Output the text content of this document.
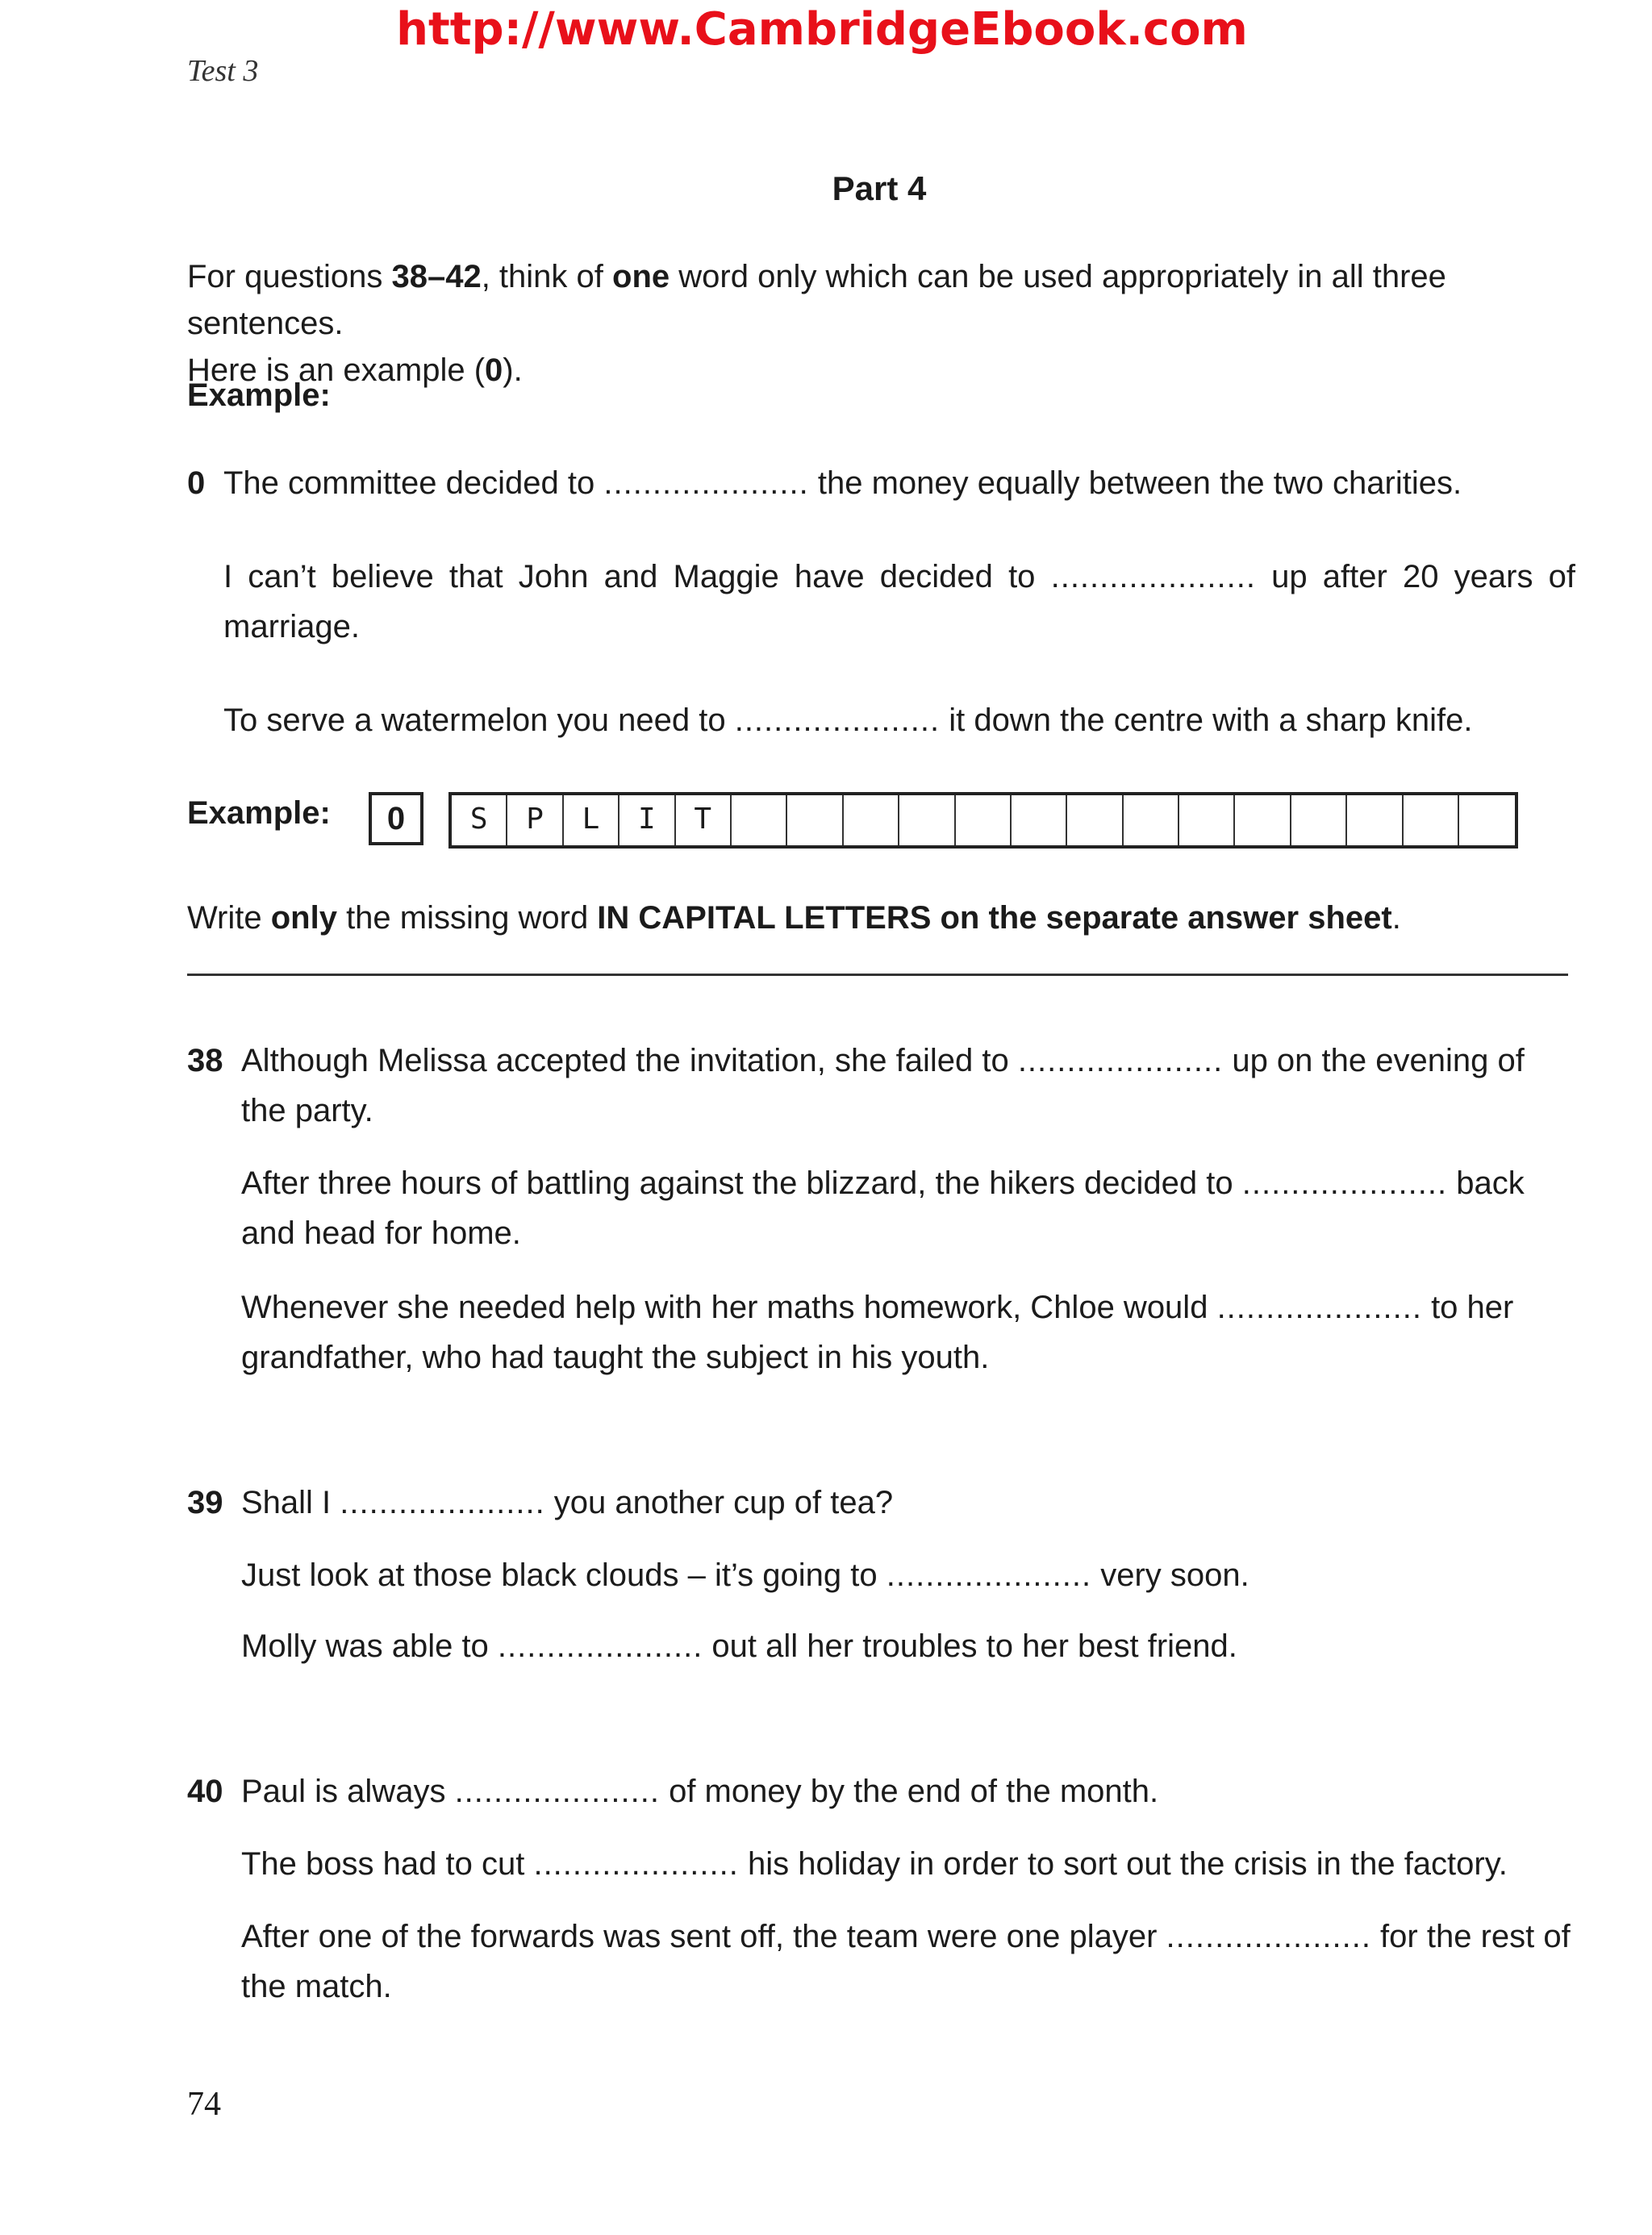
http://www.CambridgeEbook.com
Test 3
Part 4
For questions 38–42, think of one word only which can be used appropriately in all three sentences.
Here is an example (0).
Example:
0 The committee decided to ..................... the money equally between the two charities.
I can’t believe that John and Maggie have decided to ..................... up after 20 years of
marriage.
To serve a watermelon you need to ..................... it down the centre with a sharp knife.
Example:	0	S	P	L	I	T
Write only the missing word IN CAPITAL LETTERS on the separate answer sheet.
38 Although Melissa accepted the invitation, she failed to ..................... up on the evening of
the party.
After three hours of battling against the blizzard, the hikers decided to ..................... back
and head for home.
Whenever she needed help with her maths homework, Chloe would ..................... to her
grandfather, who had taught the subject in his youth.
39 Shall I ..................... you another cup of tea?
Just look at those black clouds – it’s going to ..................... very soon.
Molly was able to ..................... out all her troubles to her best friend.
40 Paul is always ..................... of money by the end of the month.
The boss had to cut ..................... his holiday in order to sort out the crisis in the factory.
After one of the forwards was sent off, the team were one player ..................... for the rest of
the match.
74
